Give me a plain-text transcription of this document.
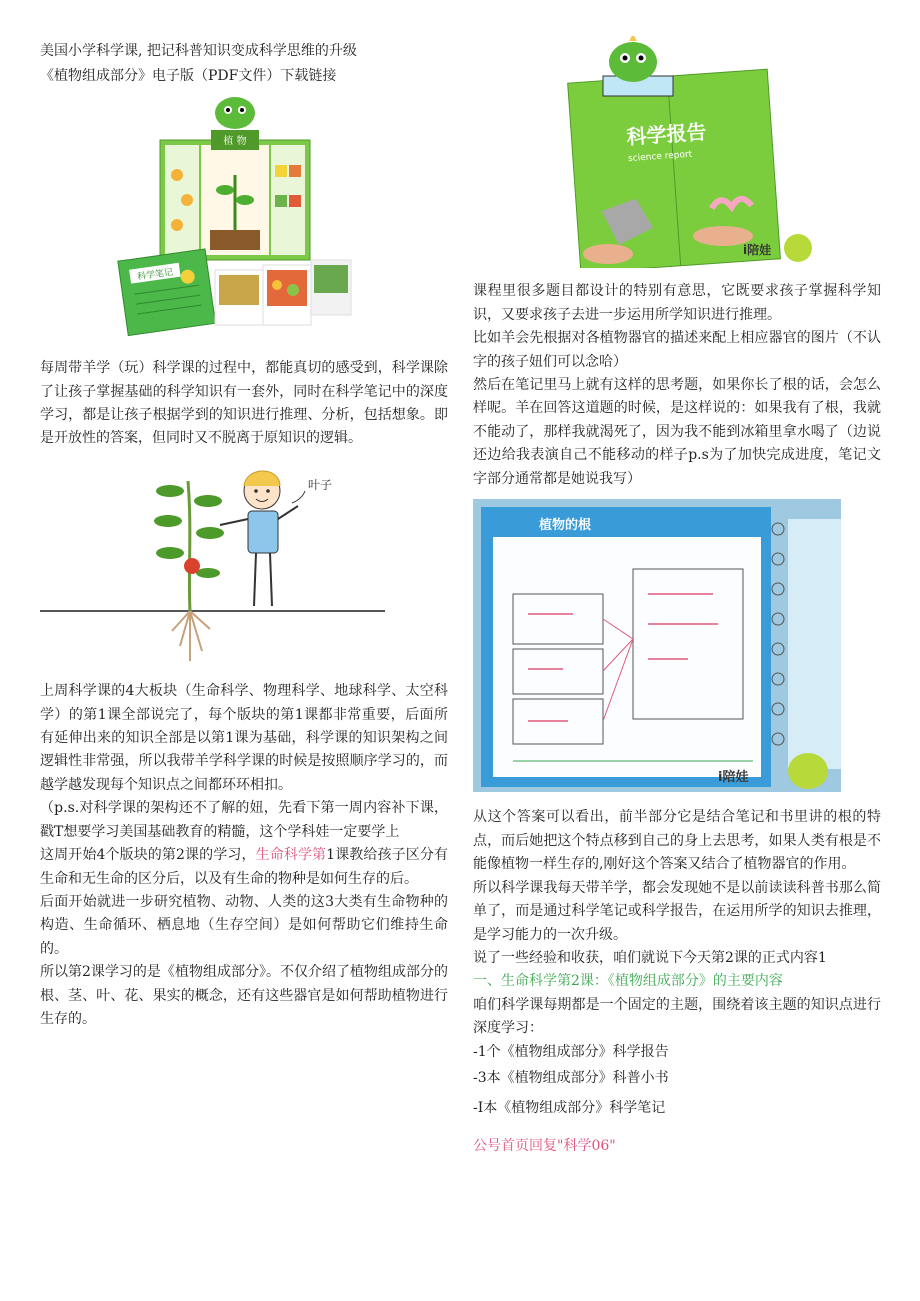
美国小学科学课, 把记科普知识变成科学思维的升级

《植物组成部分》电子版（PDF文件）下载链接

植 物
科学笔记

每周带羊学（玩）科学课的过程中，都能真切的感受到，科学课除了让孩子掌握基础的科学知识有一套外，同时在科学笔记中的深度学习，都是让孩子根据学到的知识进行推理、分析，包括想象。即是开放性的答案，但同时又不脱离于原知识的逻辑。

叶子

上周科学课的4大板块（生命科学、物理科学、地球科学、太空科学）的第1课全部说完了，每个版块的第1课都非常重要，后面所有延伸出来的知识全部是以第1课为基础，科学课的知识架构之间逻辑性非常强，所以我带羊学科学课的时候是按照顺序学习的，而越学越发现每个知识点之间都环环相扣。

（p.s.对科学课的架构还不了解的妞，先看下第一周内容补下课，戳T想要学习美国基础教育的精髓，这个学科娃一定要学上

这周开始4个版块的第2课的学习，生命科学第1课教给孩子区分有生命和无生命的区分后，以及有生命的物种是如何生存的后。

后面开始就进一步研究植物、动物、人类的这3大类有生命物种的构造、生命循环、栖息地（生存空间）是如何帮助它们维持生命的。

所以第2课学习的是《植物组成部分》。不仅介绍了植物组成部分的根、茎、叶、花、果实的概念，还有这些器官是如何帮助植物进行生存的。

科学报告
science report
i陪娃

课程里很多题目都设计的特别有意思，它既要求孩子掌握科学知识，又要求孩子去进一步运用所学知识进行推理。

比如羊会先根据对各植物器官的描述来配上相应器官的图片（不认字的孩子妞们可以念哈）

然后在笔记里马上就有这样的思考题，如果你长了根的话，会怎么样呢。羊在回答这道题的时候，是这样说的：如果我有了根，我就不能动了，那样我就渴死了，因为我不能到冰箱里拿水喝了（边说还边给我表演自己不能移动的样子p.s为了加快完成进度，笔记文字部分通常都是她说我写）

植物的根
i陪娃

从这个答案可以看出，前半部分它是结合笔记和书里讲的根的特点，而后她把这个特点移到自己的身上去思考，如果人类有根是不能像植物一样生存的,刚好这个答案又结合了植物器官的作用。

所以科学课我每天带羊学，都会发现她不是以前读读科普书那么简单了，而是通过科学笔记或科学报告，在运用所学的知识去推理，是学习能力的一次升级。

说了一些经验和收获，咱们就说下今天第2课的正式内容1

一、生命科学第2课：《植物组成部分》的主要内容

咱们科学课每期都是一个固定的主题，围绕着该主题的知识点进行深度学习：

-1个《植物组成部分》科学报告

-3本《植物组成部分》科普小书

-I本《植物组成部分》科学笔记

公号首页回复"科学06"
